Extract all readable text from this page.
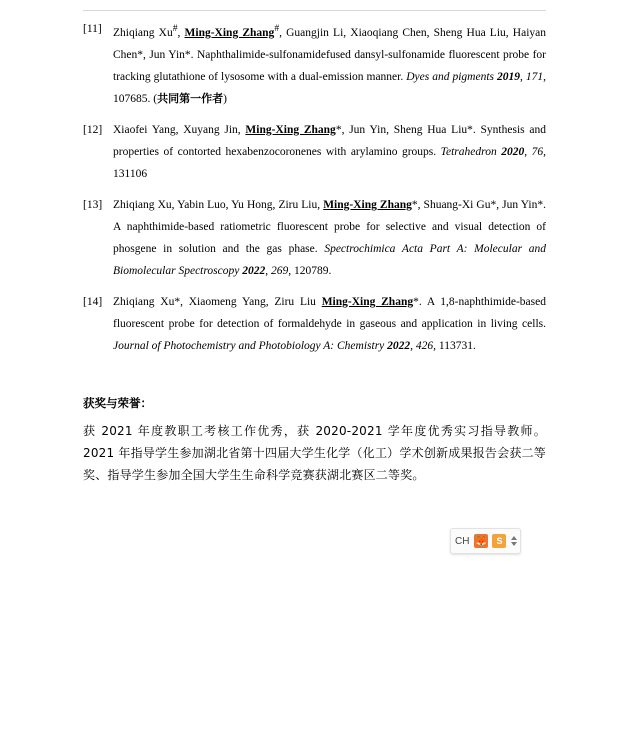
[11] Zhiqiang Xu#, Ming-Xing Zhang#, Guangjin Li, Xiaoqiang Chen, Sheng Hua Liu, Haiyan Chen*, Jun Yin*. Naphthalimide-sulfonamidefused dansyl-sulfonamide fluorescent probe for tracking glutathione of lysosome with a dual-emission manner. Dyes and pigments 2019, 171, 107685. (共同第一作者)
[12] Xiaofei Yang, Xuyang Jin, Ming-Xing Zhang*, Jun Yin, Sheng Hua Liu*. Synthesis and properties of contorted hexabenzocoronenes with arylamino groups. Tetrahedron 2020, 76, 131106
[13] Zhiqiang Xu, Yabin Luo, Yu Hong, Ziru Liu, Ming-Xing Zhang*, Shuang-Xi Gu*, Jun Yin*. A naphthimide-based ratiometric fluorescent probe for selective and visual detection of phosgene in solution and the gas phase. Spectrochimica Acta Part A: Molecular and Biomolecular Spectroscopy 2022, 269, 120789.
[14] Zhiqiang Xu*, Xiaomeng Yang, Ziru Liu Ming-Xing Zhang*. A 1,8-naphthimide-based fluorescent probe for detection of formaldehyde in gaseous and application in living cells. Journal of Photochemistry and Photobiology A: Chemistry 2022, 426, 113731.
获奖与荣誉：
获 2021 年度教职工考核工作优秀，获 2020-2021 学年度优秀实习指导教师。2021 年指导学生参加湖北省第十四届大学生化学（化工）学术创新成果报告会获二等奖、指导学生参加全国大学生生命科学竞赛获湖北赛区二等奖。
CH 🦊	S
